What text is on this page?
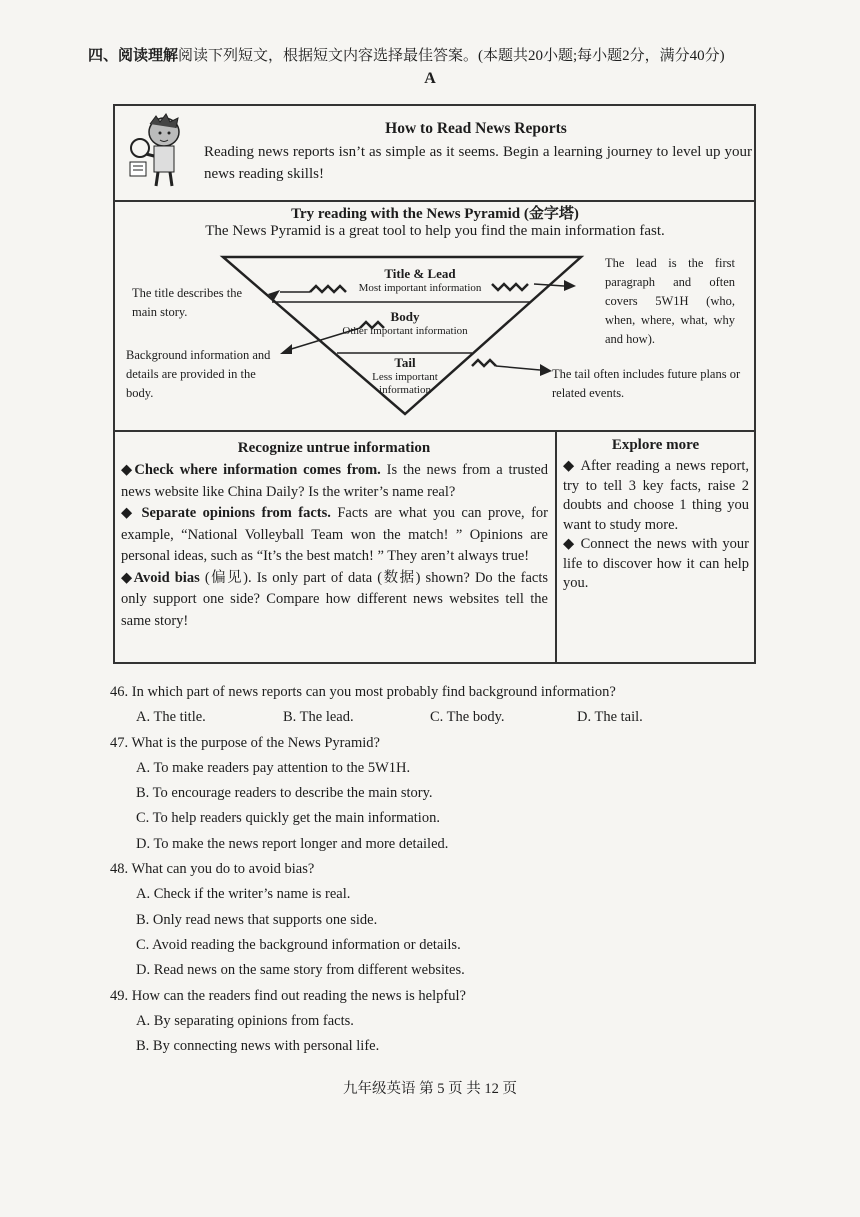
四、阅读理解阅读下列短文，根据短文内容选择最佳答案。(本题共20小题;每小题2分，满分40分)
A
How to Read News Reports
Reading news reports isn’t as simple as it seems. Begin a learning journey to level up your news reading skills!
Try reading with the News Pyramid (金字塔)
The News Pyramid is a great tool to help you find the main information fast.
Title & Lead
Most important information
Body
Other important information
Tail
Less important information
The title describes the main story.
Background information and details are provided in the body.
The lead is the first paragraph and often covers 5W1H (who, when, where, what, why and how).
The tail often includes future plans or related events.
Recognize untrue information
◆Check where information comes from. Is the news from a trusted news website like China Daily? Is the writer’s name real?
◆ Separate opinions from facts. Facts are what you can prove, for example, “National Volleyball Team won the match! ” Opinions are personal ideas, such as “It’s the best match! ” They aren’t always true!
◆Avoid bias (偏见). Is only part of data (数据) shown? Do the facts only support one side? Compare how different news websites tell the same story!
Explore more
◆ After reading a news report, try to tell 3 key facts, raise 2 doubts and choose 1 thing you want to study more.
◆ Connect the news with your life to discover how it can help you.
46. In which part of news reports can you most probably find background information?
A. The title.	B. The lead.	C. The body.	D. The tail.
47. What is the purpose of the News Pyramid?
A. To make readers pay attention to the 5W1H.
B. To encourage readers to describe the main story.
C. To help readers quickly get the main information.
D. To make the news report longer and more detailed.
48. What can you do to avoid bias?
A. Check if the writer’s name is real.
B. Only read news that supports one side.
C. Avoid reading the background information or details.
D. Read news on the same story from different websites.
49. How can the readers find out reading the news is helpful?
A. By separating opinions from facts.
B. By connecting news with personal life.
九年级英语 第 5 页 共 12 页
